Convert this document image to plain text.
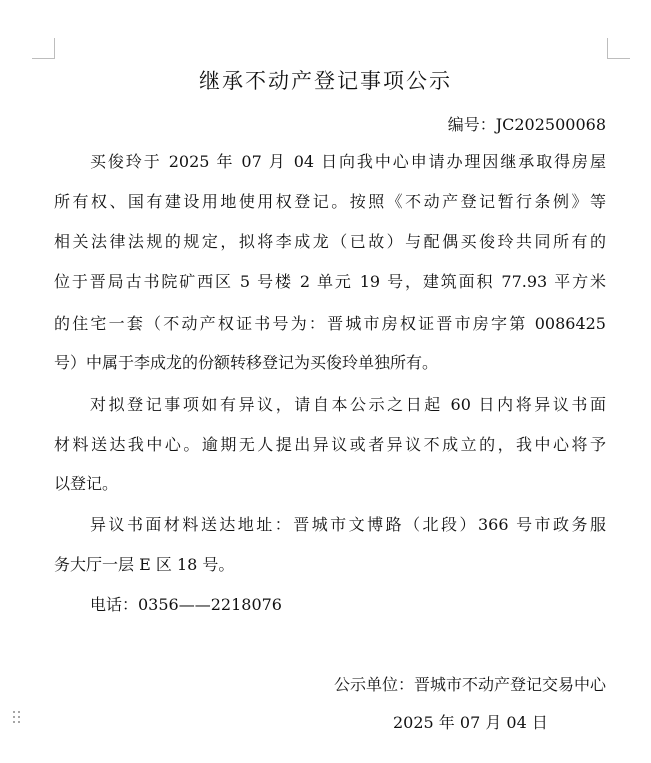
继承不动产登记事项公示
编号：JC202500068
买俊玲于 2025 年 07 月 04 日向我中心申请办理因继承取得房屋
所有权、国有建设用地使用权登记。按照《不动产登记暂行条例》等
相关法律法规的规定，拟将李成龙（已故）与配偶买俊玲共同所有的
位于晋局古书院矿西区 5 号楼 2 单元 19 号，建筑面积 77.93 平方米
的住宅一套（不动产权证书号为：晋城市房权证晋市房字第 0086425
号）中属于李成龙的份额转移登记为买俊玲单独所有。
对拟登记事项如有异议，请自本公示之日起 60 日内将异议书面
材料送达我中心。逾期无人提出异议或者异议不成立的，我中心将予
以登记。
异议书面材料送达地址：晋城市文博路（北段）366 号市政务服
务大厅一层 E 区 18 号。
电话：0356——2218076
公示单位：晋城市不动产登记交易中心
2025 年 07 月 04 日
